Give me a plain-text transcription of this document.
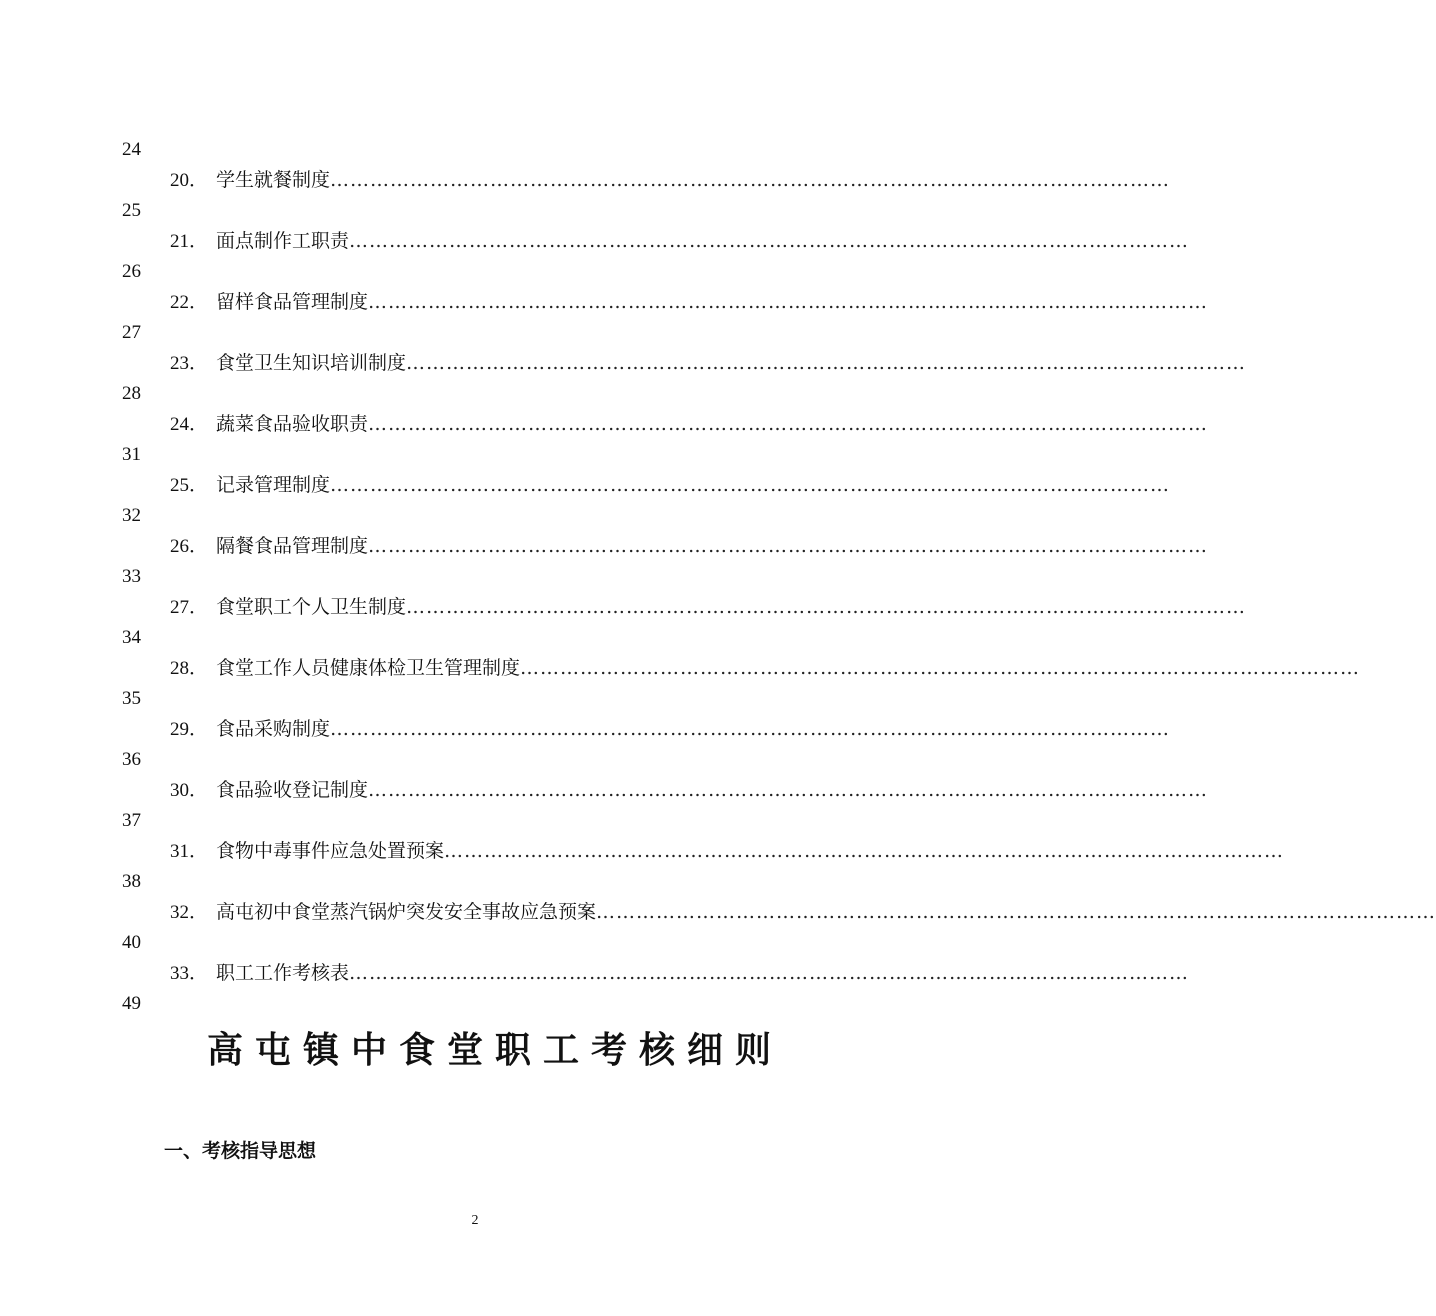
24
25
26
27
28
31
32
33
34
35
36
37
38
40
49
20 ． 学生就餐制度 ………………………………………………………………………………………………………………
21 ． 面点制作工职责 ………………………………………………………………………………………………………………
22 ． 留样食品管理制度 ………………………………………………………………………………………………………………
23 ． 食堂卫生知识培训制度 ………………………………………………………………………………………………………………
24 ． 蔬菜食品验收职责 ………………………………………………………………………………………………………………
25 ． 记录管理制度 ………………………………………………………………………………………………………………
26 ． 隔餐食品管理制度 ………………………………………………………………………………………………………………
27 ． 食堂职工个人卫生制度 ………………………………………………………………………………………………………………
28 ． 食堂工作人员健康体检卫生管理制度 ………………………………………………………………………………………………………………
29 ． 食品采购制度 ………………………………………………………………………………………………………………
30 ． 食品验收登记制度 ………………………………………………………………………………………………………………
31 ． 食物中毒事件应急处置预案 ………………………………………………………………………………………………………………
32 ． 高屯初中食堂蒸汽锅炉突发安全事故应急预案 ………………………………………………………………………………………………………………
33 ． 职工工作考核表 ………………………………………………………………………………………………………………
高屯镇中食堂职工考核细则
一、考核指导思想
2
